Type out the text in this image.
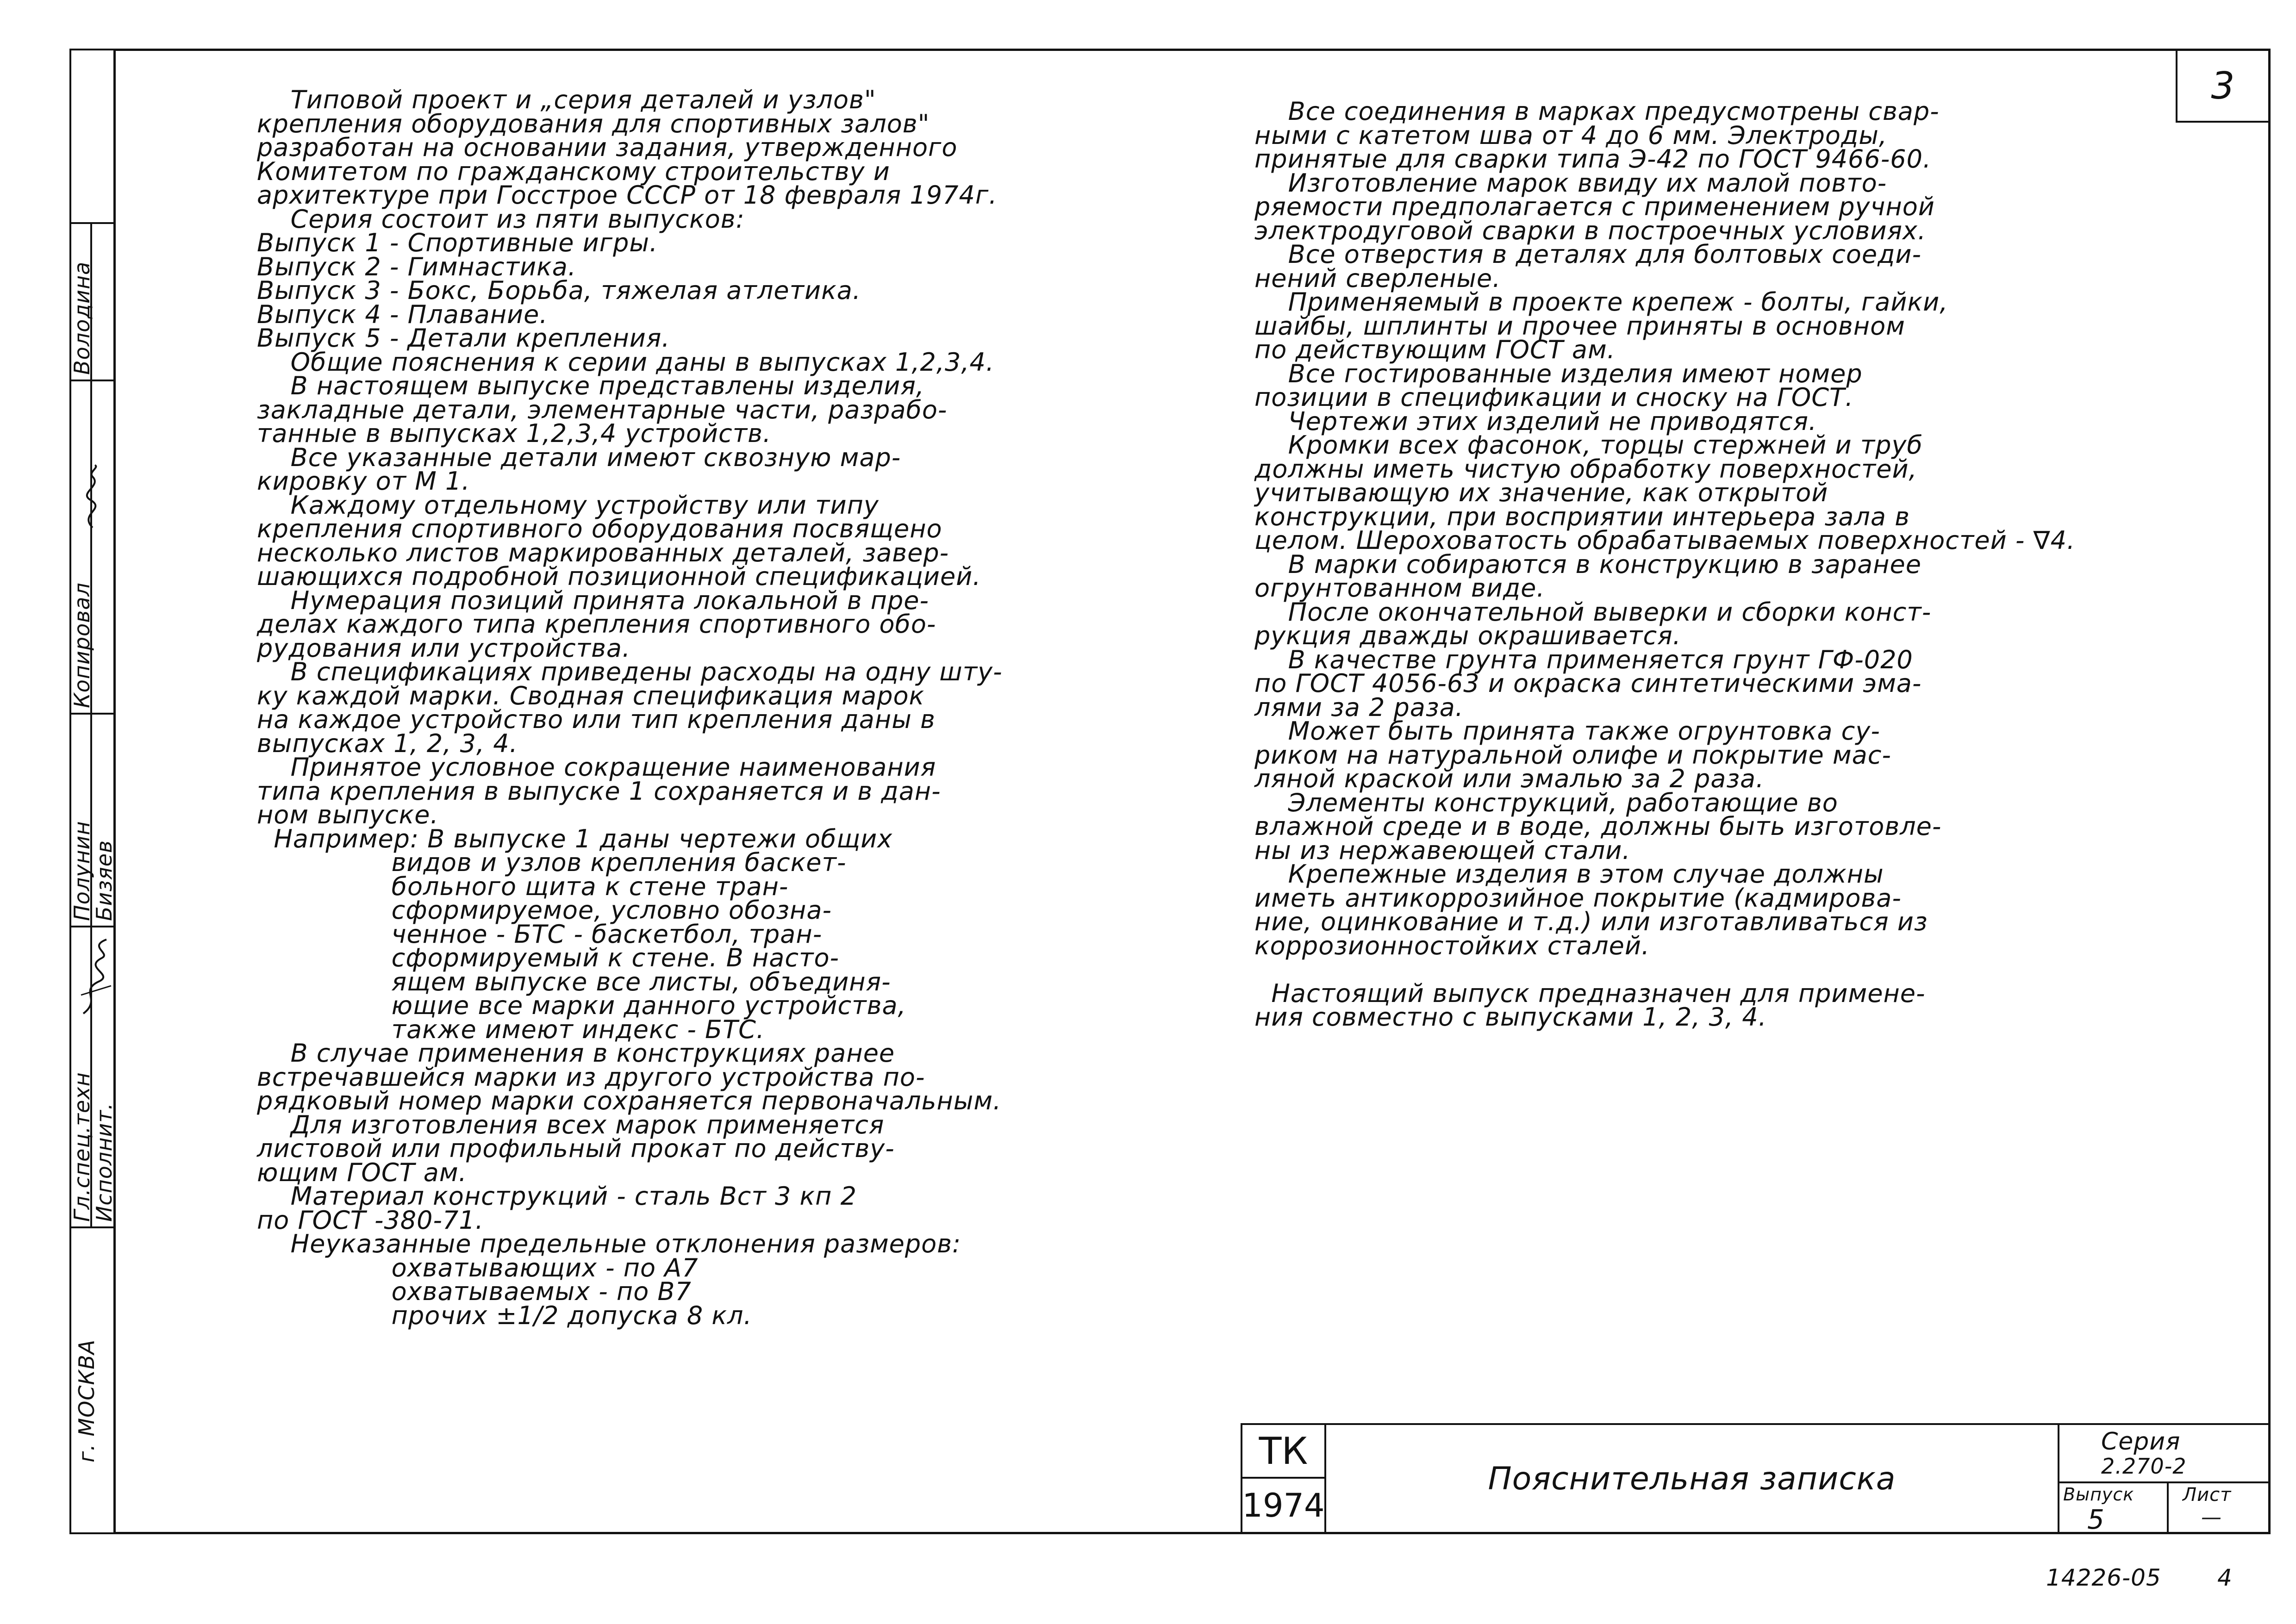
г. МОСКВА
Гл.спец.техн
Исполнит.
Полунин
Бизяев
Копировал
Володина
3

Типовой проект и „серия деталей и узлов"

крепления оборудования для спортивных залов"

разработан на основании задания, утвержденного

Комитетом по гражданскому строительству и

архитектуре при Госстрое СССР от 18 февраля 1974г.

Серия состоит из пяти выпусков:

Выпуск 1 - Спортивные игры.

Выпуск 2 - Гимнастика.

Выпуск 3 - Бокс, Борьба, тяжелая атлетика.

Выпуск 4 - Плавание.

Выпуск 5 - Детали крепления.

Общие пояснения к серии даны в выпусках 1,2,3,4.

В настоящем выпуске представлены изделия,

закладные детали, элементарные части, разрабо-

танные в выпусках 1,2,3,4 устройств.

Все указанные детали имеют сквозную мар-

кировку от М 1.

Каждому отдельному устройству или типу

крепления спортивного оборудования посвящено

несколько листов маркированных деталей, завер-

шающихся подробной позиционной спецификацией.

Нумерация позиций принята локальной в пре-

делах каждого типа крепления спортивного обо-

рудования или устройства.

В спецификациях приведены расходы на одну шту-

ку каждой марки. Сводная спецификация марок

на каждое устройство или тип крепления даны в

выпусках 1, 2, 3, 4.

Принятое условное сокращение наименования

типа крепления в выпуске 1 сохраняется и в дан-

ном выпуске.

Например: В выпуске 1 даны чертежи общих

видов и узлов крепления баскет-

больного щита к стене тран-

сформируемое, условно обозна-

ченное - БТС - баскетбол, тран-

сформируемый к стене. В насто-

ящем выпуске все листы, объединя-

ющие все марки данного устройства,

также имеют индекс - БТС.

В случае применения в конструкциях ранее

встречавшейся марки из другого устройства по-

рядковый номер марки сохраняется первоначальным.

Для изготовления всех марок применяется

листовой или профильный прокат по действу-

ющим ГОСТ ам.

Материал конструкций - сталь Вст 3 кп 2

по ГОСТ -380-71.

Неуказанные предельные отклонения размеров:

охватывающих - по А7

охватываемых - по В7

прочих ±1/2 допуска 8 кл.

Все соединения в марках предусмотрены свар-

ными с катетом шва от 4 до 6 мм. Электроды,

принятые для сварки типа Э-42 по ГОСТ 9466-60.

Изготовление марок ввиду их малой повто-

ряемости предполагается с применением ручной

электродуговой сварки в построечных условиях.

Все отверстия в деталях для болтовых соеди-

нений сверленые.

Применяемый в проекте крепеж - болты, гайки,

шайбы, шплинты и прочее приняты в основном

по действующим ГОСТ ам.

Все гостированные изделия имеют номер

позиции в спецификации и сноску на ГОСТ.

Чертежи этих изделий не приводятся.

Кромки всех фасонок, торцы стержней и труб

должны иметь чистую обработку поверхностей,

учитывающую их значение, как открытой

конструкции, при восприятии интерьера зала в

целом. Шероховатость обрабатываемых поверхностей - ∇4.

В марки собираются в конструкцию в заранее

огрунтованном виде.

После окончательной выверки и сборки конст-

рукция дважды окрашивается.

В качестве грунта применяется грунт ГФ-020

по ГОСТ 4056-63 и окраска синтетическими эма-

лями за 2 раза.

Может быть принята также огрунтовка су-

риком на натуральной олифе и покрытие мас-

ляной краской или эмалью за 2 раза.

Элементы конструкций, работающие во

влажной среде и в воде, должны быть изготовле-

ны из нержавеющей стали.

Крепежные изделия в этом случае должны

иметь антикоррозийное покрытие (кадмирова-

ние, оцинкование и т.д.) или изготавливаться из

коррозионностойких сталей.

Настоящий выпуск предназначен для примене-

ния совместно с выпусками 1, 2, 3, 4.

ТК
1974
Пояснительная записка
Серия
2.270-2
Выпуск
5
Лист
—
14226-05 4
